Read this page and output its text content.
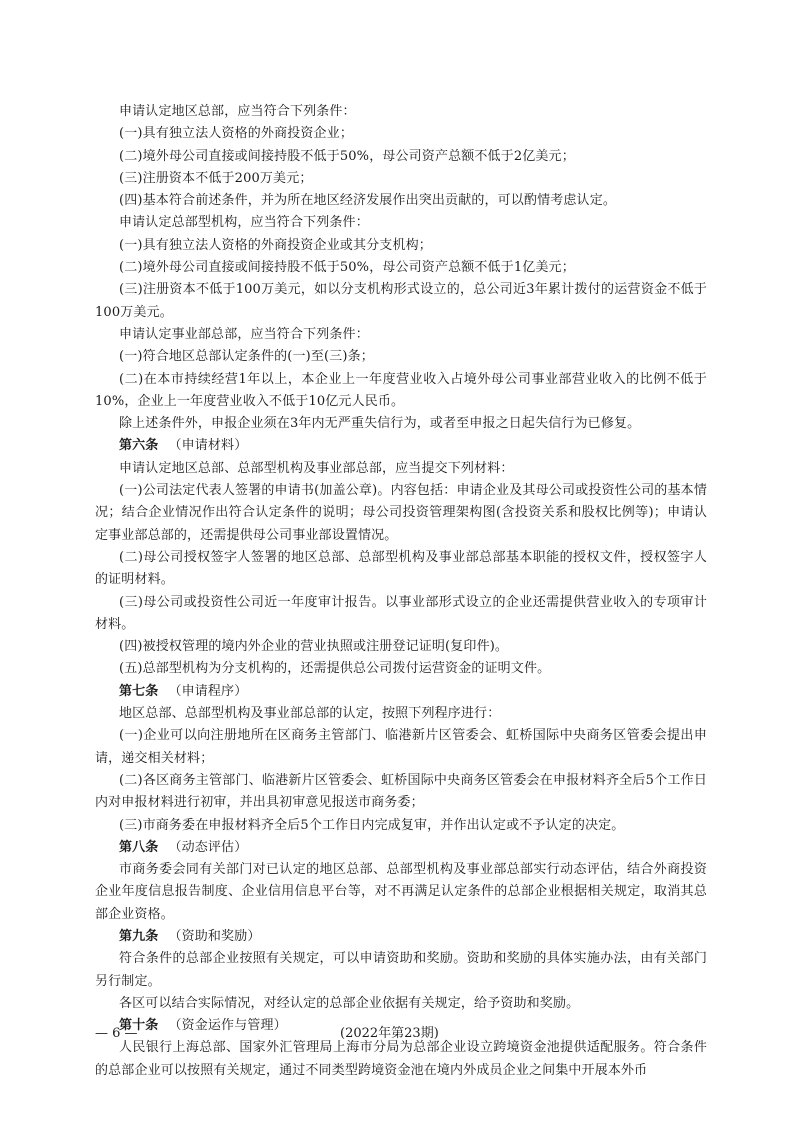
申请认定地区总部，应当符合下列条件：

(一)具有独立法人资格的外商投资企业；

(二)境外母公司直接或间接持股不低于50%，母公司资产总额不低于2亿美元；

(三)注册资本不低于200万美元；

(四)基本符合前述条件，并为所在地区经济发展作出突出贡献的，可以酌情考虑认定。

申请认定总部型机构，应当符合下列条件：

(一)具有独立法人资格的外商投资企业或其分支机构；

(二)境外母公司直接或间接持股不低于50%，母公司资产总额不低于1亿美元；

(三)注册资本不低于100万美元，如以分支机构形式设立的，总公司近3年累计拨付的运营资金不低于100万美元。

申请认定事业部总部，应当符合下列条件：

(一)符合地区总部认定条件的(一)至(三)条；

(二)在本市持续经营1年以上，本企业上一年度营业收入占境外母公司事业部营业收入的比例不低于10%，企业上一年度营业收入不低于10亿元人民币。

除上述条件外，申报企业须在3年内无严重失信行为，或者至申报之日起失信行为已修复。

第六条 （申请材料）

申请认定地区总部、总部型机构及事业部总部，应当提交下列材料：

(一)公司法定代表人签署的申请书(加盖公章)。内容包括：申请企业及其母公司或投资性公司的基本情况；结合企业情况作出符合认定条件的说明；母公司投资管理架构图(含投资关系和股权比例等)；申请认定事业部总部的，还需提供母公司事业部设置情况。

(二)母公司授权签字人签署的地区总部、总部型机构及事业部总部基本职能的授权文件，授权签字人的证明材料。

(三)母公司或投资性公司近一年度审计报告。以事业部形式设立的企业还需提供营业收入的专项审计材料。

(四)被授权管理的境内外企业的营业执照或注册登记证明(复印件)。

(五)总部型机构为分支机构的，还需提供总公司拨付运营资金的证明文件。

第七条 （申请程序）

地区总部、总部型机构及事业部总部的认定，按照下列程序进行：

(一)企业可以向注册地所在区商务主管部门、临港新片区管委会、虹桥国际中央商务区管委会提出申请，递交相关材料；

(二)各区商务主管部门、临港新片区管委会、虹桥国际中央商务区管委会在申报材料齐全后5个工作日内对申报材料进行初审，并出具初审意见报送市商务委；

(三)市商务委在申报材料齐全后5个工作日内完成复审，并作出认定或不予认定的决定。

第八条 （动态评估）

市商务委会同有关部门对已认定的地区总部、总部型机构及事业部总部实行动态评估，结合外商投资企业年度信息报告制度、企业信用信息平台等，对不再满足认定条件的总部企业根据相关规定，取消其总部企业资格。

第九条 （资助和奖励）

符合条件的总部企业按照有关规定，可以申请资助和奖励。资助和奖励的具体实施办法，由有关部门另行制定。

各区可以结合实际情况，对经认定的总部企业依据有关规定，给予资助和奖励。

第十条 （资金运作与管理）

人民银行上海总部、国家外汇管理局上海市分局为总部企业设立跨境资金池提供适配服务。符合条件的总部企业可以按照有关规定，通过不同类型跨境资金池在境内外成员企业之间集中开展本外币

— 6 —	(2022年第23期)
